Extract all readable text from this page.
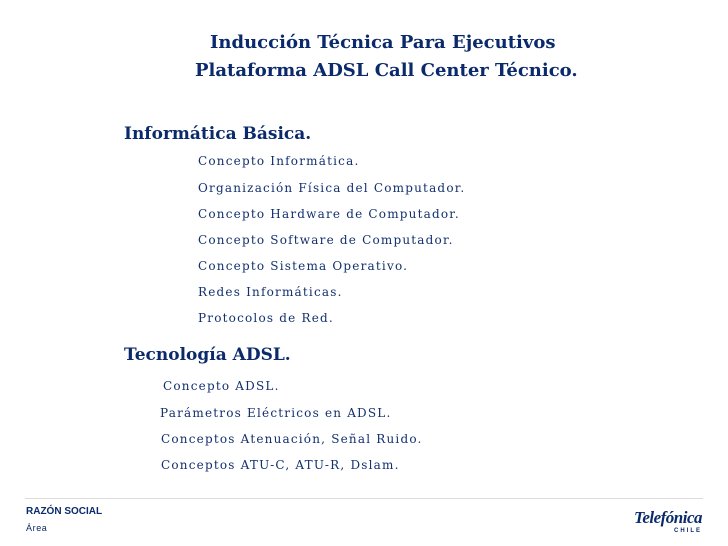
Inducción Técnica Para Ejecutivos
Plataforma ADSL Call Center Técnico.
Informática Básica.
Concepto Informática.
Organización Física del Computador.
Concepto Hardware de Computador.
Concepto Software de Computador.
Concepto Sistema Operativo.
Redes Informáticas.
Protocolos de Red.
Tecnología ADSL.
Concepto ADSL.
Parámetros Eléctricos en ADSL.
Conceptos Atenuación, Señal Ruido.
Conceptos ATU-C, ATU-R, Dslam.
RAZÓN SOCIAL
Área
Telefónica
CHILE
